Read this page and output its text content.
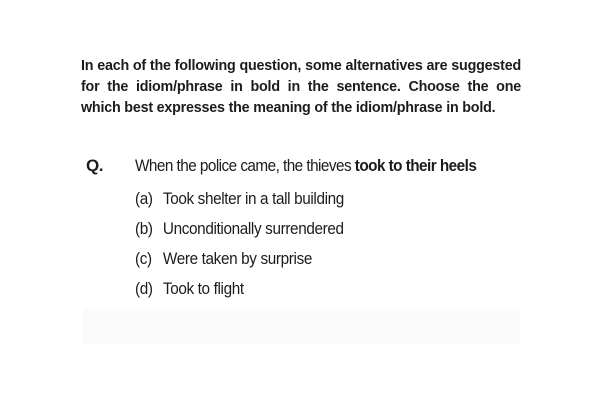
In each of the following question, some alternatives are suggested for the idiom/phrase in bold in the sentence. Choose the one which best expresses the meaning of the idiom/phrase in bold.

Q.	When the police came, the thieves took to their heels
(a) Took shelter in a tall building
(b) Unconditionally surrendered
(c) Were taken by surprise
(d) Took to flight
